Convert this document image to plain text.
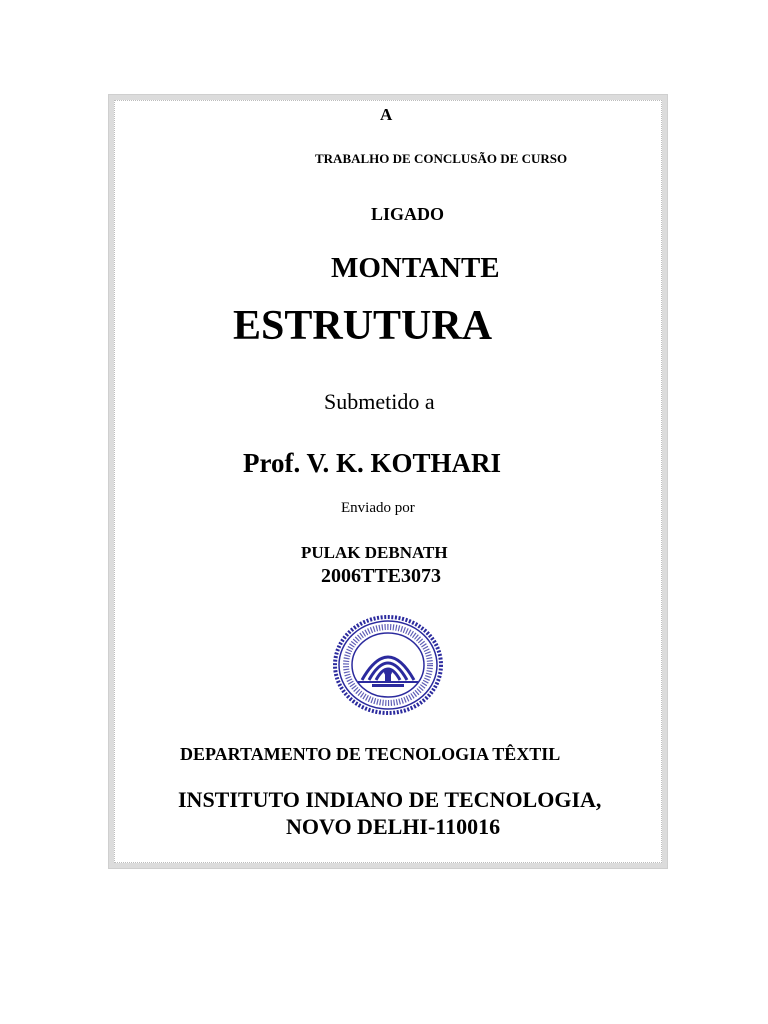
A
TRABALHO DE CONCLUSÃO DE CURSO
LIGADO
MONTANTE
ESTRUTURA
Submetido a
Prof. V. K. KOTHARI
Enviado por
PULAK DEBNATH
2006TTE3073
DEPARTAMENTO DE TECNOLOGIA TÊXTIL
INSTITUTO INDIANO DE TECNOLOGIA,
NOVO DELHI-110016
